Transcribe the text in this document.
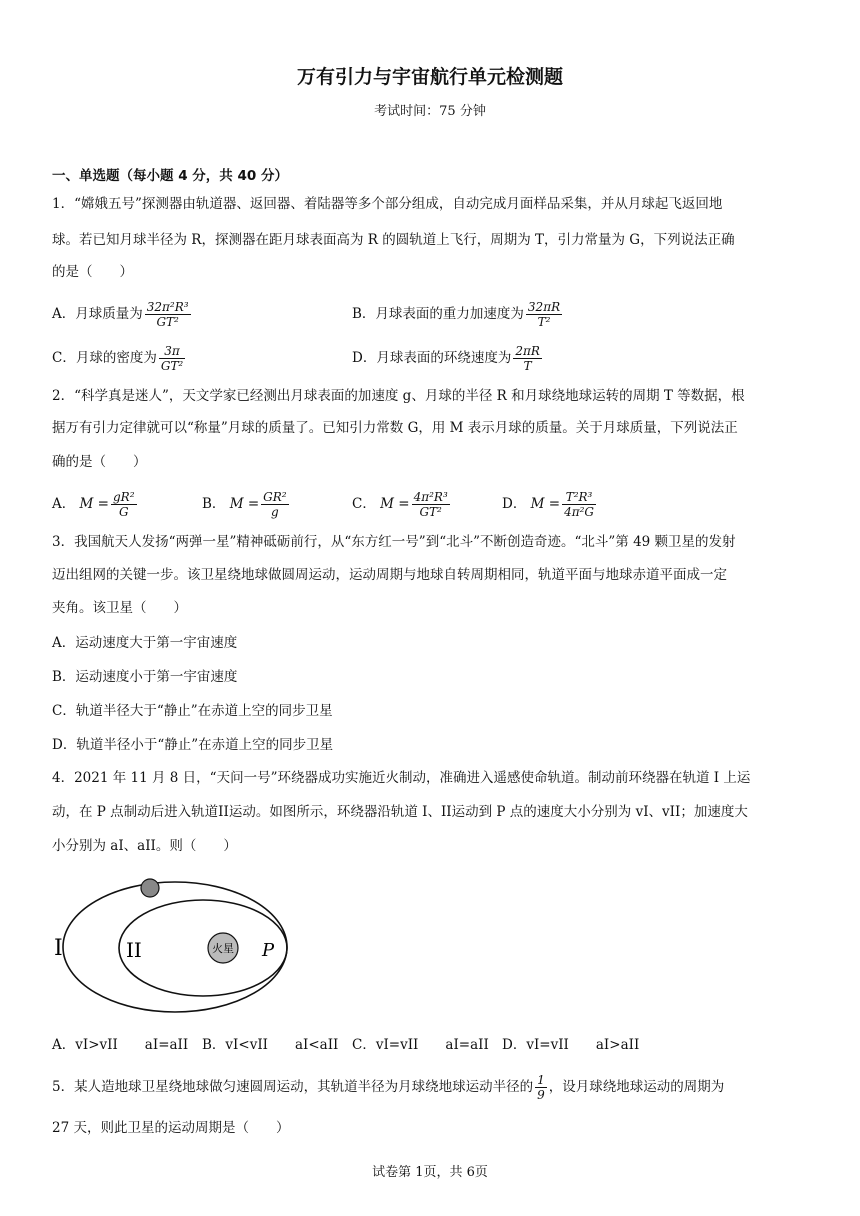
万有引力与宇宙航行单元检测题
考试时间：75 分钟
一、单选题（每小题 4 分，共 40 分）
1．“嫦娥五号”探测器由轨道器、返回器、着陆器等多个部分组成，自动完成月面样品采集，并从月球起飞返回地
球。若已知月球半径为 R，探测器在距月球表面高为 R 的圆轨道上飞行，周期为 T，引力常量为 G，下列说法正确
的是（　　）
A．月球质量为 $\frac{\text{32π²R³}}{\text{GT²}}$	B．月球表面的重力加速度为 $\frac{32\pi R}{\text{T²}}$
C．月球的密度为 $\frac{3\pi}{\text{GT²}}$	D．月球表面的环绕速度为 $\frac{2\pi R}{T}$
2．“科学真是迷人”，天文学家已经测出月球表面的加速度 g、月球的半径 R 和月球绕地球运转的周期 T 等数据，根
据万有引力定律就可以“称量”月球的质量了。已知引力常数 G，用 M 表示月球的质量。关于月球质量，下列说法正
确的是（　　）
A． $M = \frac{\text{gR²}}{G}$	B． $M = \frac{\text{GR²}}{g}$	C． $M = \frac{\text{4π²R³}}{\text{GT²}}$	D． $M = \frac{\text{T²R³}}{\text{4π²G}}$
3．我国航天人发扬“两弹一星”精神砥砺前行，从“东方红一号”到“北斗”不断创造奇迹。“北斗”第 49 颗卫星的发射
迈出组网的关键一步。该卫星绕地球做圆周运动，运动周期与地球自转周期相同，轨道平面与地球赤道平面成一定
夹角。该卫星（　　）
A．运动速度大于第一宇宙速度
B．运动速度小于第一宇宙速度
C．轨道半径大于“静止”在赤道上空的同步卫星
D．轨道半径小于“静止”在赤道上空的同步卫星
4．2021 年 11 月 8 日，“天问一号”环绕器成功实施近火制动，准确进入遥感使命轨道。制动前环绕器在轨道 I 上运
动，在 P 点制动后进入轨道II运动。如图所示，环绕器沿轨道 I、II运动到 P 点的速度大小分别为 vI、vII；加速度大
小分别为 aI、aII。则（　　）
火星
I	II	P
A．vI>vII　　aI=aII B．vI<vII　　aI<aII C．vI=vII　　aI=aII D．vI=vII　　aI>aII
5．某人造地球卫星绕地球做匀速圆周运动，其轨道半径为月球绕地球运动半径的 $\frac{1}{9}$ ，设月球绕地球运动的周期为
27 天，则此卫星的运动周期是（　　）
试卷第 1页，共 6页
